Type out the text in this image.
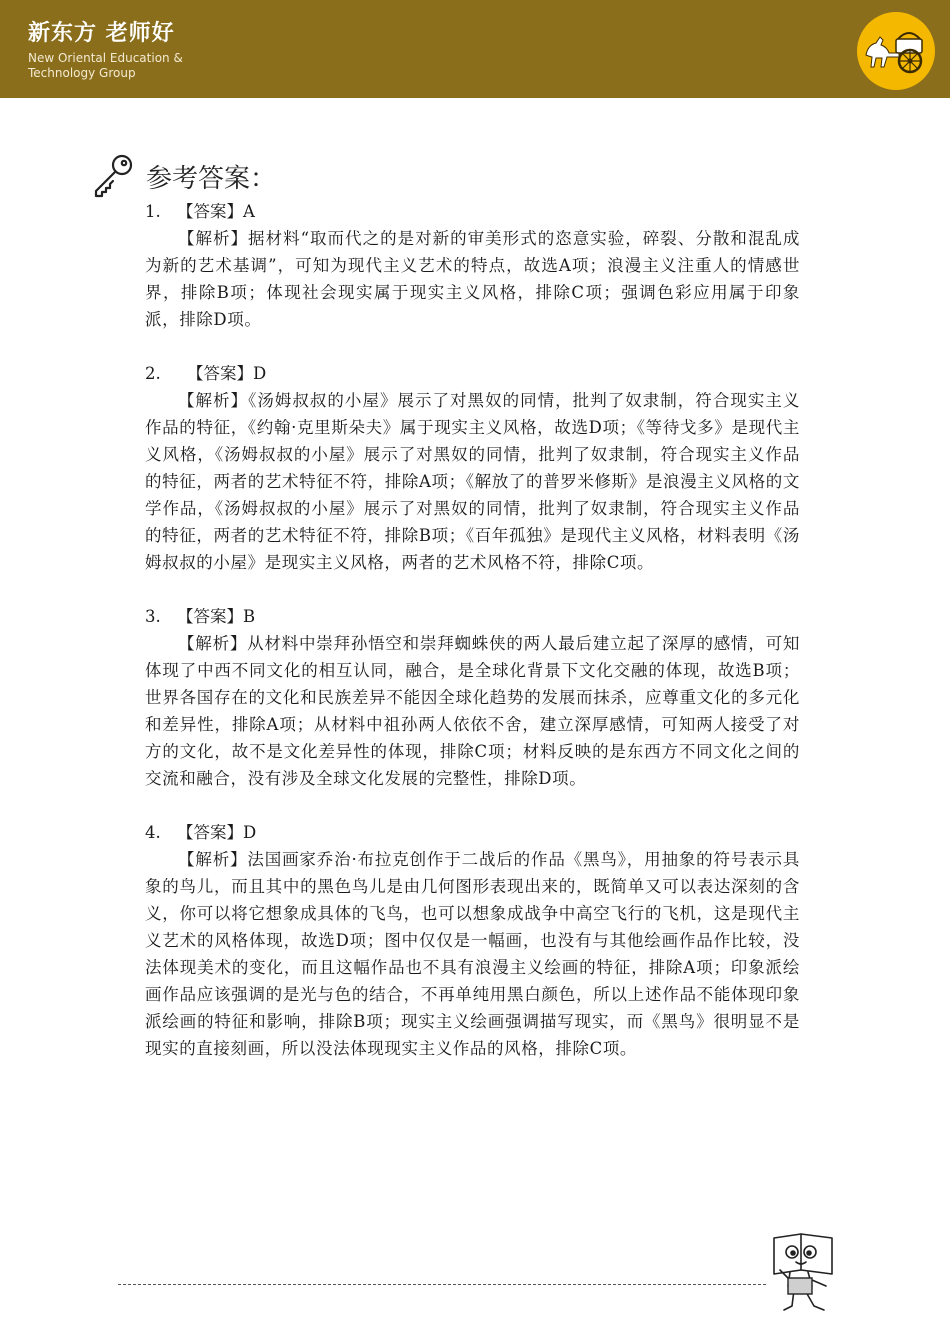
新东方 老师好
New Oriental Education &
Technology Group
参考答案：
1. 【答案】A
【解析】据材料“取而代之的是对新的审美形式的恣意实验，碎裂、分散和混乱成为新的艺术基调”，可知为现代主义艺术的特点，故选A项；浪漫主义注重人的情感世界，排除B项；体现社会现实属于现实主义风格，排除C项；强调色彩应用属于印象派，排除D项。
2. 【答案】D
【解析】《汤姆叔叔的小屋》展示了对黑奴的同情，批判了奴隶制，符合现实主义作品的特征，《约翰·克里斯朵夫》属于现实主义风格，故选D项；《等待戈多》是现代主义风格，《汤姆叔叔的小屋》展示了对黑奴的同情，批判了奴隶制，符合现实主义作品的特征，两者的艺术特征不符，排除A项；《解放了的普罗米修斯》是浪漫主义风格的文学作品，《汤姆叔叔的小屋》展示了对黑奴的同情，批判了奴隶制，符合现实主义作品的特征，两者的艺术特征不符，排除B项；《百年孤独》是现代主义风格，材料表明《汤姆叔叔的小屋》是现实主义风格，两者的艺术风格不符，排除C项。
3. 【答案】B
【解析】从材料中崇拜孙悟空和崇拜蜘蛛侠的两人最后建立起了深厚的感情，可知体现了中西不同文化的相互认同，融合，是全球化背景下文化交融的体现，故选B项；世界各国存在的文化和民族差异不能因全球化趋势的发展而抹杀，应尊重文化的多元化和差异性，排除A项；从材料中祖孙两人依依不舍，建立深厚感情，可知两人接受了对方的文化，故不是文化差异性的体现，排除C项；材料反映的是东西方不同文化之间的交流和融合，没有涉及全球文化发展的完整性，排除D项。
4. 【答案】D
【解析】法国画家乔治·布拉克创作于二战后的作品《黑鸟》，用抽象的符号表示具象的鸟儿，而且其中的黑色鸟儿是由几何图形表现出来的，既简单又可以表达深刻的含义，你可以将它想象成具体的飞鸟，也可以想象成战争中高空飞行的飞机，这是现代主义艺术的风格体现，故选D项；图中仅仅是一幅画，也没有与其他绘画作品作比较，没法体现美术的变化，而且这幅作品也不具有浪漫主义绘画的特征，排除A项；印象派绘画作品应该强调的是光与色的结合，不再单纯用黑白颜色，所以上述作品不能体现印象派绘画的特征和影响，排除B项；现实主义绘画强调描写现实，而《黑鸟》很明显不是现实的直接刻画，所以没法体现现实主义作品的风格，排除C项。
